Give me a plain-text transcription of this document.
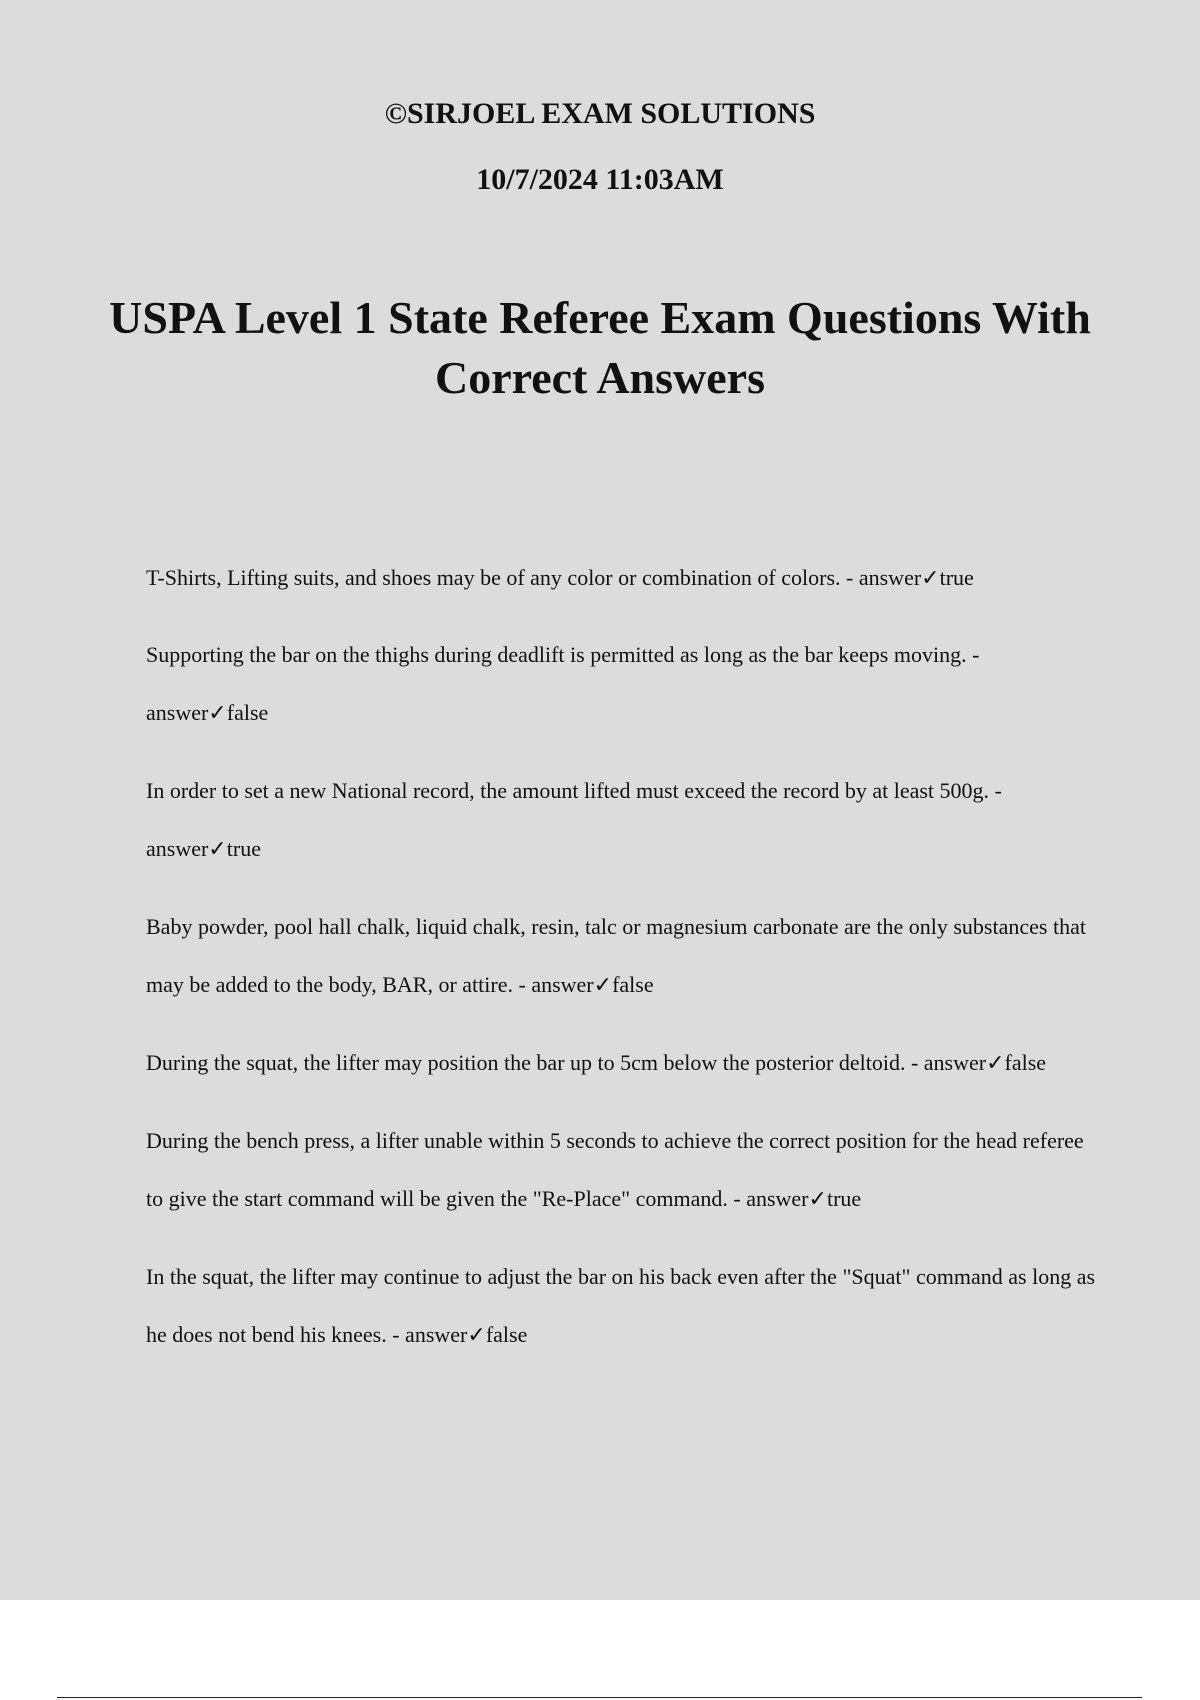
©SIRJOEL EXAM SOLUTIONS
10/7/2024 11:03AM
USPA Level 1 State Referee Exam Questions With Correct Answers

T-Shirts, Lifting suits, and shoes may be of any color or combination of colors. - answer✓true

Supporting the bar on the thighs during deadlift is permitted as long as the bar keeps moving. - answer✓false

In order to set a new National record, the amount lifted must exceed the record by at least 500g. - answer✓true

Baby powder, pool hall chalk, liquid chalk, resin, talc or magnesium carbonate are the only substances that may be added to the body, BAR, or attire. - answer✓false

During the squat, the lifter may position the bar up to 5cm below the posterior deltoid. - answer✓false

During the bench press, a lifter unable within 5 seconds to achieve the correct position for the head referee to give the start command will be given the "Re-Place" command. - answer✓true

In the squat, the lifter may continue to adjust the bar on his back even after the "Squat" command as long as he does not bend his knees. - answer✓false
